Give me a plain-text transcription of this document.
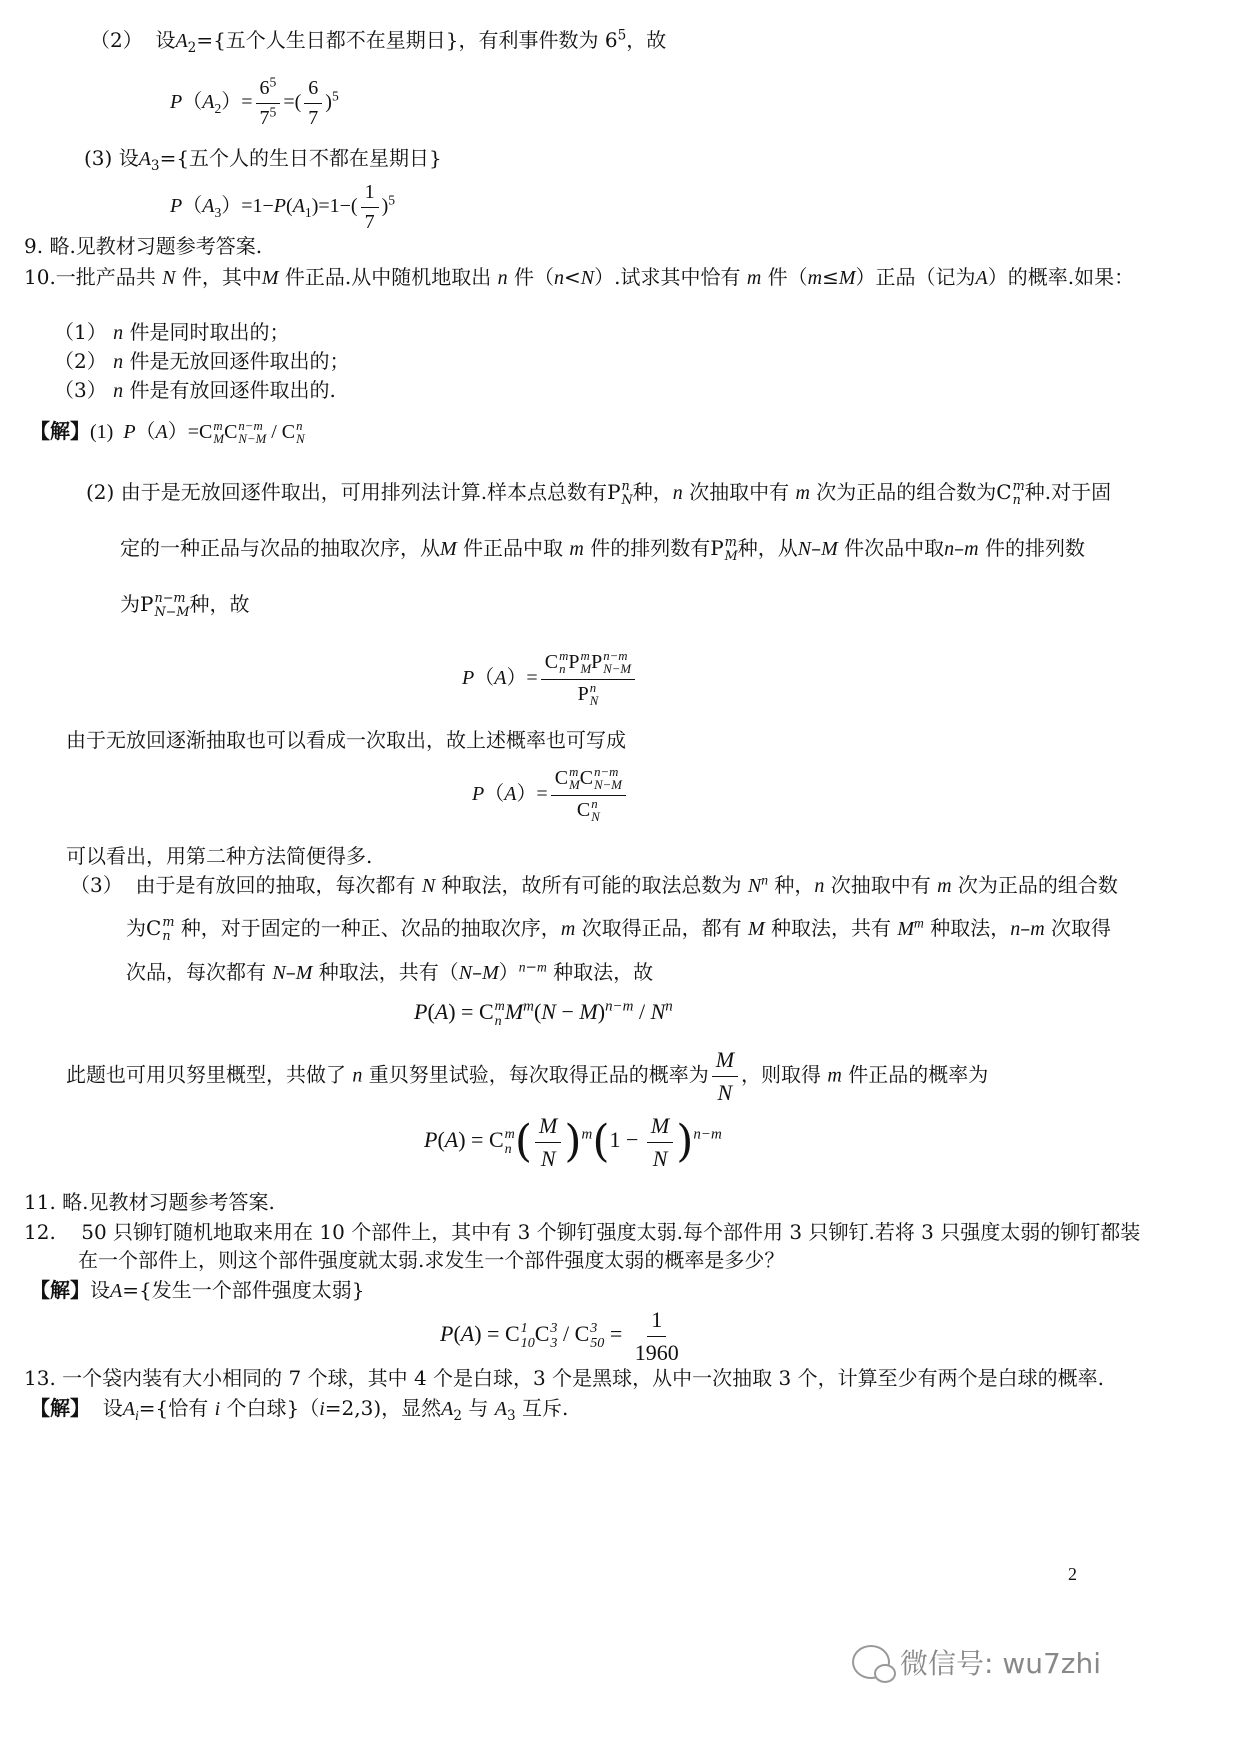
（2） 设$A_2=${五个人生日都不在星期日}，有利事件数为 $6^5$，故
$P(A_2)= \frac{6^5}{7^5}$ =( $\frac{6}{7} )^5$
(3) 设$A_3=${五个人的生日不都在星期日}
$P(A_3)=1-P(A_1)=1-( \frac{1}{7} )^5$
9. 略.见教材习题参考答案.
10.一批产品共 N 件，其中M 件正品.从中随机地取出 n 件（n<N）.试求其中恰有 m 件（m≤M）正品（记为A）的概率.如果：
（1） n 件是同时取出的；
（2） n 件是无放回逐件取出的；
（3） n 件是有放回逐件取出的.
【解】(1) P（A）=C m
M C n−m
N−M / C n
N
(2) 由于是无放回逐件取出，可用排列法计算.样本点总数有P n
N 种，n 次抽取中有 m 次为正品的组合数为C m
n 种.对于固
定的一种正品与次品的抽取次序，从M 件正品中取 m 件的排列数有P m
M 种，从N–M 件次品中取n–m 件的排列数
为P n−m
N−M 种，故
P（A）= C m
n P m
M P n−m
N−M
P n
N
由于无放回逐渐抽取也可以看成一次取出，故上述概率也可写成
P（A）= C m
M C n−m
N−M
C n
N
可以看出，用第二种方法简便得多.
（3） 由于是有放回的抽取，每次都有 N 种取法，故所有可能的取法总数为 $N^n$ 种，n 次抽取中有 m 次为正品的组合数
为C m
n 种，对于固定的一种正、次品的抽取次序，m 次取得正品，都有 M 种取法，共有 $M^m$ 种取法，n–m 次取得
次品，每次都有 N–M 种取法，共有$(N-M)^{n-m}$ 种取法，故
P(A) = C m
n $M^m(N - M)^{n-m} / N^n$
此题也可用贝努里概型，共做了 n 重贝努里试验，每次取得正品的概率为 $\frac{M}{N}$ ，则取得 m 件正品的概率为
P(A) = C m
n ( $\frac{M}{N} )^m(1 - \frac{M}{N} )^{n-m}$
11. 略.见教材习题参考答案.
12. 50 只铆钉随机地取来用在 10 个部件上，其中有 3 个铆钉强度太弱.每个部件用 3 只铆钉.若将 3 只强度太弱的铆钉都装
在一个部件上，则这个部件强度就太弱.求发生一个部件强度太弱的概率是多少？
【解】设A={发生一个部件强度太弱}
P(A) = C 1
10 C 3
3 / C 3
$50 = \frac{1}{1960}$
13. 一个袋内装有大小相同的 7 个球，其中 4 个是白球，3 个是黑球，从中一次抽取 3 个，计算至少有两个是白球的概率.
【解】 设$A_i=${恰有 i 个白球}（i=2,3)，显然$A_2$ 与 $A_3$ 互斥.
2
微信号: wu7zhi
